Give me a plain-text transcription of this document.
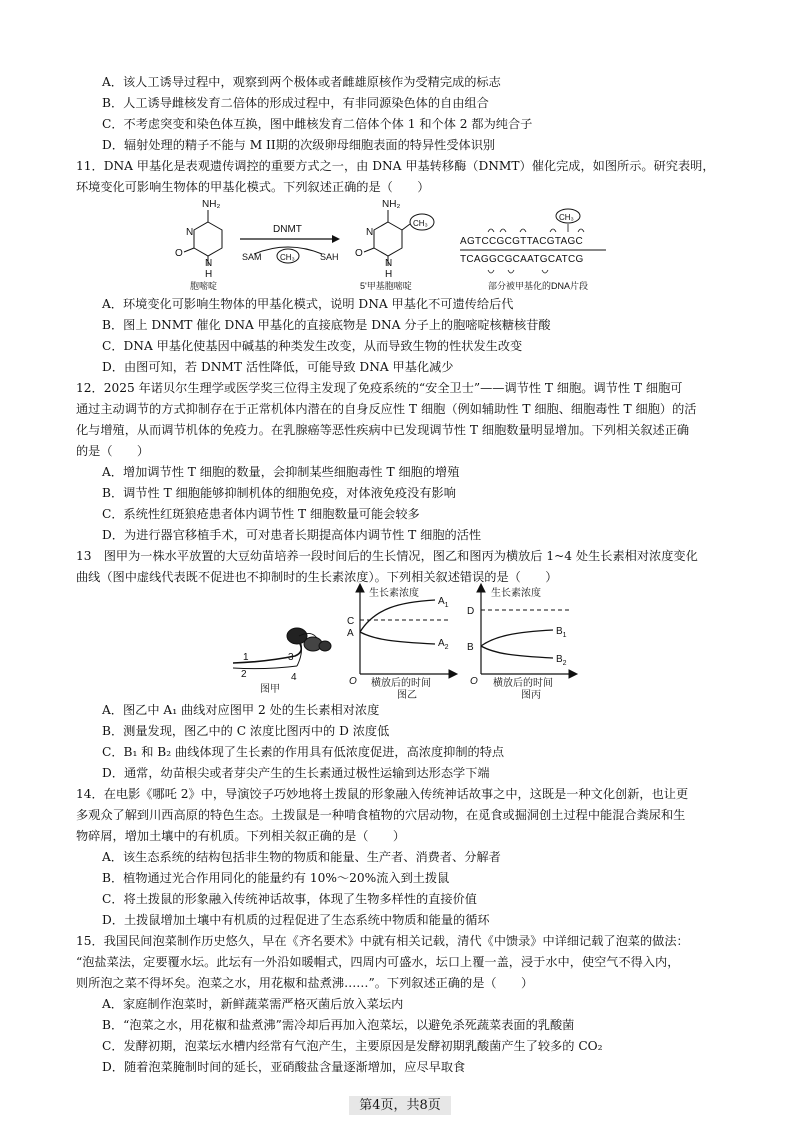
A．该人工诱导过程中，观察到两个极体或者雌雄原核作为受精完成的标志
B．人工诱导雌核发育二倍体的形成过程中，有非同源染色体的自由组合
C．不考虑突变和染色体互换，图中雌核发育二倍体个体 1 和个体 2 都为纯合子
D．辐射处理的精子不能与 M II期的次级卵母细胞表面的特异性受体识别
11．DNA 甲基化是表观遗传调控的重要方式之一，由 DNA 甲基转移酶（DNMT）催化完成，如图所示。研究表明，
环境变化可影响生物体的甲基化模式。下列叙述正确的是（　　）
NH₂
O
N
N
H
胞嘧啶
DNMT
SAM	SAH
CH₃
NH₂
O
CH₃
N
N
H
5'甲基胞嘧啶
CH₃
AGTCCGCGTTACGTAGC
TCAGGCGCAATGCATCG
部分被甲基化的DNA片段
A．环境变化可影响生物体的甲基化模式，说明 DNA 甲基化不可遗传给后代
B．图上 DNMT 催化 DNA 甲基化的直接底物是 DNA 分子上的胞嘧啶核糖核苷酸
C．DNA 甲基化使基因中碱基的种类发生改变，从而导致生物的性状发生改变
D．由图可知，若 DNMT 活性降低，可能导致 DNA 甲基化减少
12．2025 年诺贝尔生理学或医学奖三位得主发现了免疫系统的“安全卫士”——调节性 T 细胞。调节性 T 细胞可
通过主动调节的方式抑制存在于正常机体内潜在的自身反应性 T 细胞（例如辅助性 T 细胞、细胞毒性 T 细胞）的活
化与增殖，从而调节机体的免疫力。在乳腺癌等恶性疾病中已发现调节性 T 细胞数量明显增加。下列相关叙述正确
的是（　　）
A．增加调节性 T 细胞的数量，会抑制某些细胞毒性 T 细胞的增殖
B．调节性 T 细胞能够抑制机体的细胞免疫，对体液免疫没有影响
C．系统性红斑狼疮患者体内调节性 T 细胞数量可能会较多
D．为进行器官移植手术，可对患者长期提高体内调节性 T 细胞的活性
13　图甲为一株水平放置的大豆幼苗培养一段时间后的生长情况，图乙和图丙为横放后 1~4 处生长素相对浓度变化
曲线（图中虚线代表既不促进也不抑制时的生长素浓度）。下列相关叙述错误的是（　　）
1
2
3
4
图甲
生长素浓度
C
A
$A_1$
$A_2$
O 横放后的时间
图乙
生长素浓度
D
B
$B_1$
$B_2$
O 横放后的时间
图丙
A．图乙中 A₁ 曲线对应图甲 2 处的生长素相对浓度
B．测量发现，图乙中的 C 浓度比图丙中的 D 浓度低
C．B₁ 和 B₂ 曲线体现了生长素的作用具有低浓度促进，高浓度抑制的特点
D．通常，幼苗根尖或者芽尖产生的生长素通过极性运输到达形态学下端
14．在电影《哪吒 2》中，导演饺子巧妙地将土拨鼠的形象融入传统神话故事之中，这既是一种文化创新，也让更
多观众了解到川西高原的特色生态。土拨鼠是一种啃食植物的穴居动物，在觅食或掘洞创土过程中能混合粪尿和生
物碎屑，增加土壤中的有机质。下列相关叙正确的是（　　）
A．该生态系统的结构包括非生物的物质和能量、生产者、消费者、分解者
B．植物通过光合作用同化的能量约有 10%～20%流入到土拨鼠
C．将土拨鼠的形象融入传统神话故事，体现了生物多样性的直接价值
D．土拨鼠增加土壤中有机质的过程促进了生态系统中物质和能量的循环
15．我国民间泡菜制作历史悠久，早在《齐名要术》中就有相关记载，清代《中馈录》中详细记载了泡菜的做法：
“泡盐菜法，定要覆水坛。此坛有一外沿如暖帽式，四周内可盛水，坛口上覆一盖，浸于水中，使空气不得入内，
则所泡之菜不得坏矣。泡菜之水，用花椒和盐煮沸……”。下列叙述正确的是（　　）
A．家庭制作泡菜时，新鲜蔬菜需严格灭菌后放入菜坛内
B．“泡菜之水，用花椒和盐煮沸”需冷却后再加入泡菜坛，以避免杀死蔬菜表面的乳酸菌
C．发酵初期，泡菜坛水槽内经常有气泡产生，主要原因是发酵初期乳酸菌产生了较多的 CO₂
D．随着泡菜腌制时间的延长，亚硝酸盐含量逐渐增加，应尽早取食
第4页，共8页
